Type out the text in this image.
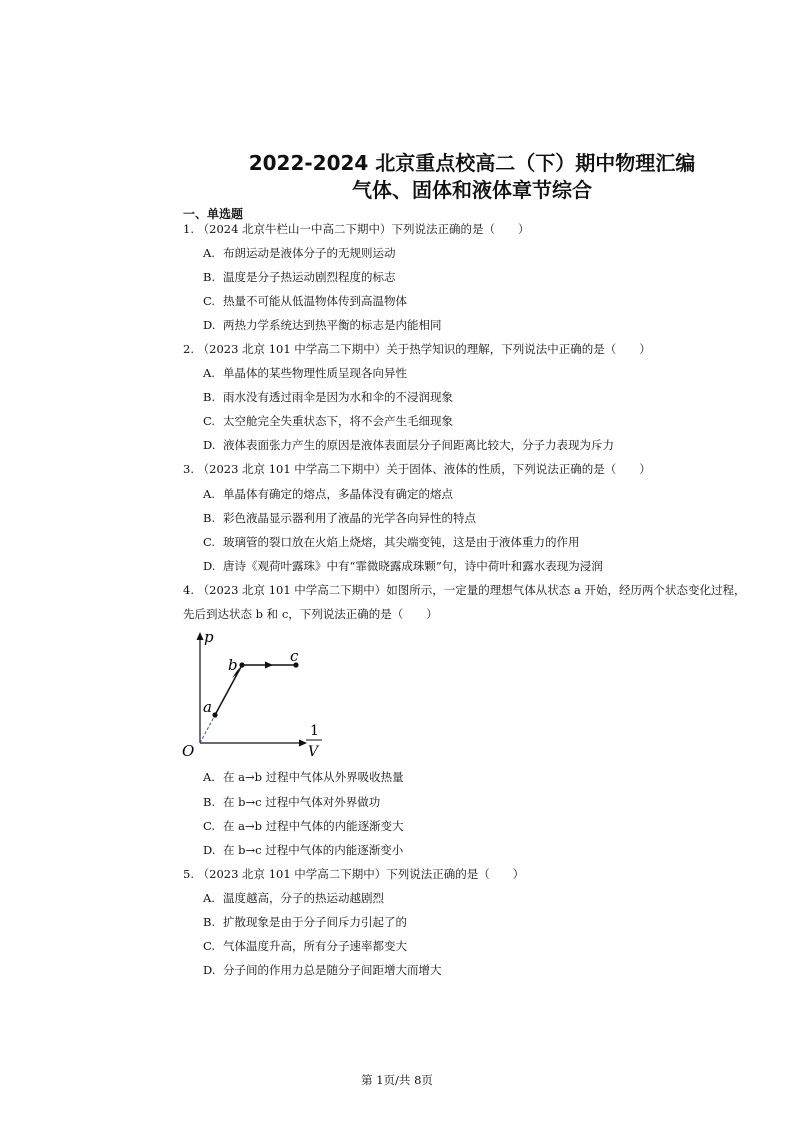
2022-2024 北京重点校高二（下）期中物理汇编
气体、固体和液体章节综合
一、单选题
1. （2024 北京牛栏山一中高二下期中）下列说法正确的是（　　）
A. 布朗运动是液体分子的无规则运动
B. 温度是分子热运动剧烈程度的标志
C. 热量不可能从低温物体传到高温物体
D. 两热力学系统达到热平衡的标志是内能相同
2. （2023 北京 101 中学高二下期中）关于热学知识的理解，下列说法中正确的是（　　）
A. 单晶体的某些物理性质呈现各向异性
B. 雨水没有透过雨伞是因为水和伞的不浸润现象
C. 太空舱完全失重状态下，将不会产生毛细现象
D. 液体表面张力产生的原因是液体表面层分子间距离比较大，分子力表现为斥力
3. （2023 北京 101 中学高二下期中）关于固体、液体的性质，下列说法正确的是（　　）
A. 单晶体有确定的熔点，多晶体没有确定的熔点
B. 彩色液晶显示器利用了液晶的光学各向异性的特点
C. 玻璃管的裂口放在火焰上烧熔，其尖端变钝，这是由于液体重力的作用
D. 唐诗《观荷叶露珠》中有“霏微晓露成珠颗”句，诗中荷叶和露水表现为浸润
4. （2023 北京 101 中学高二下期中）如图所示，一定量的理想气体从状态 a 开始，经历两个状态变化过程，
先后到达状态 b 和 c，下列说法正确的是（　　）
p
O
a
b	c
1
V
A. 在 a→b 过程中气体从外界吸收热量
B. 在 b→c 过程中气体对外界做功
C. 在 a→b 过程中气体的内能逐渐变大
D. 在 b→c 过程中气体的内能逐渐变小
5. （2023 北京 101 中学高二下期中）下列说法正确的是（　　）
A. 温度越高，分子的热运动越剧烈
B. 扩散现象是由于分子间斥力引起了的
C. 气体温度升高，所有分子速率都变大
D. 分子间的作用力总是随分子间距增大而增大
第 1页/共 8页
